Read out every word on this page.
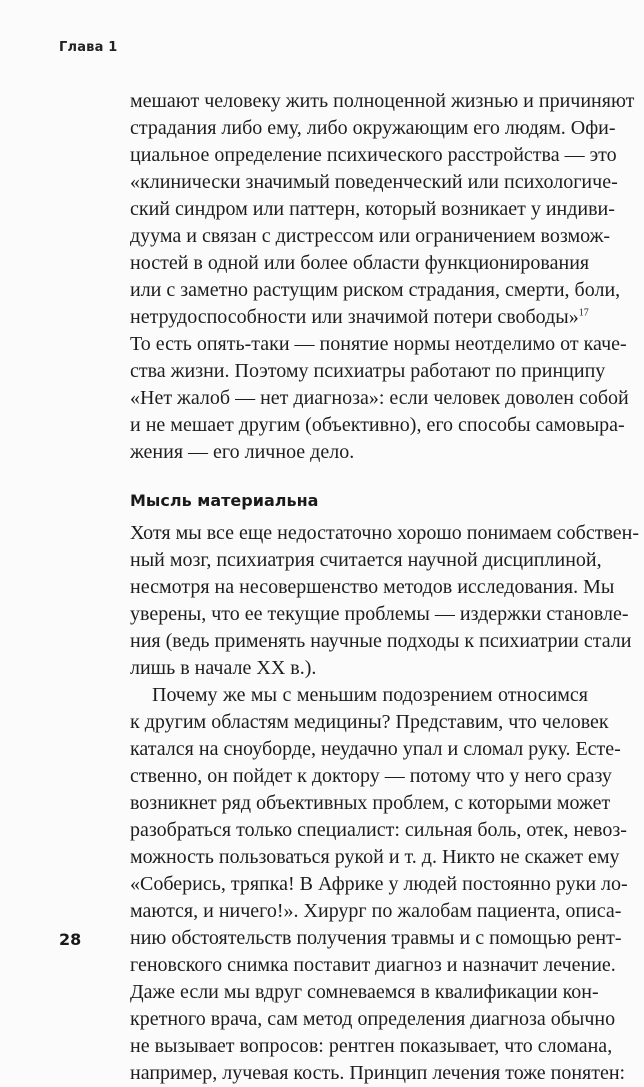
Глава 1

мешают человеку жить полноценной жизнью и причиняют
страдания либо ему, либо окружающим его людям. Офи-
циальное определение психического расстройства — это
«клинически значимый поведенческий или психологиче-
ский синдром или паттерн, который возникает у индиви-
дуума и связан с дистрессом или ограничением возмож-
ностей в одной или более области функционирования
или с заметно растущим риском страдания, смерти, боли,
нетрудоспособности или значимой потери свободы»$^{17}$
То есть опять-таки — понятие нормы неотделимо от каче-
ства жизни. Поэтому психиатры работают по принципу
«Нет жалоб — нет диагноза»: если человек доволен собой
и не мешает другим (объективно), его способы самовыра-
жения — его личное дело.

Мысль материальна

Хотя мы все еще недостаточно хорошо понимаем собствен-
ный мозг, психиатрия считается научной дисциплиной,
несмотря на несовершенство методов исследования. Мы
уверены, что ее текущие проблемы — издержки становле-
ния (ведь применять научные подходы к психиатрии стали
лишь в начале XX в.).

Почему же мы с меньшим подозрением относимся
к другим областям медицины? Представим, что человек
катался на сноуборде, неудачно упал и сломал руку. Есте-
ственно, он пойдет к доктору — потому что у него сразу
возникнет ряд объективных проблем, с которыми может
разобраться только специалист: сильная боль, отек, невоз-
можность пользоваться рукой и т. д. Никто не скажет ему
«Соберись, тряпка! В Африке у людей постоянно руки ло-
маются, и ничего!». Хирург по жалобам пациента, описа-
нию обстоятельств получения травмы и с помощью рент-
геновского снимка поставит диагноз и назначит лечение.
Даже если мы вдруг сомневаемся в квалификации кон-
кретного врача, сам метод определения диагноза обычно
не вызывает вопросов: рентген показывает, что сломана,
например, лучевая кость. Принцип лечения тоже понятен:

28
